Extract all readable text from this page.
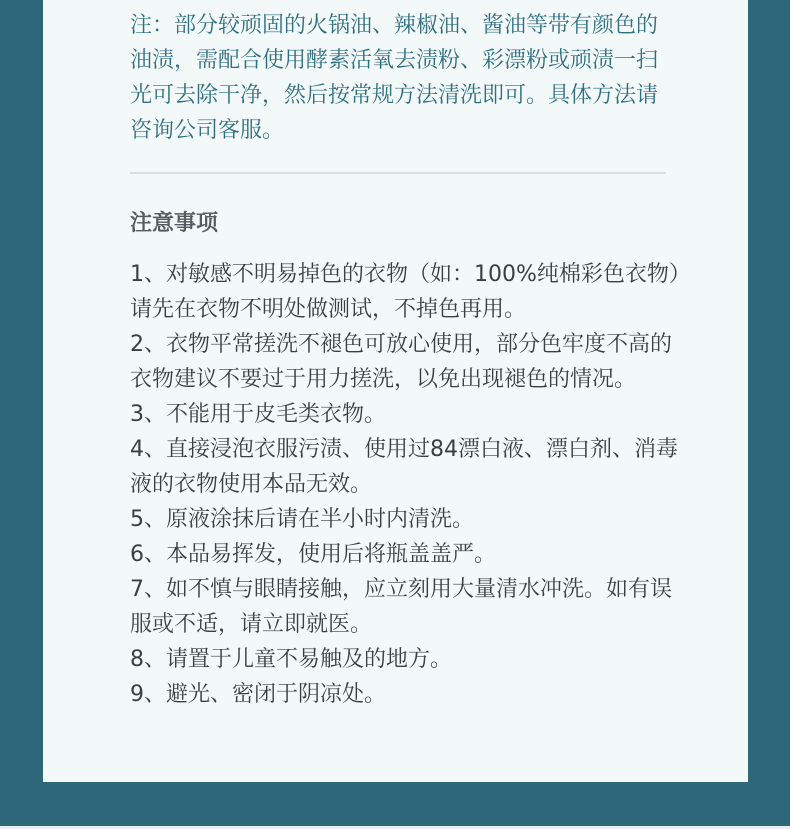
注：部分较顽固的火锅油、辣椒油、酱油等带有颜色的油渍，需配合使用酵素活氧去渍粉、彩漂粉或顽渍一扫光可去除干净，然后按常规方法清洗即可。具体方法请咨询公司客服。

注意事项
1、对敏感不明易掉色的衣物（如：100%纯棉彩色衣物）请先在衣物不明处做测试，不掉色再用。
2、衣物平常搓洗不褪色可放心使用，部分色牢度不高的衣物建议不要过于用力搓洗，以免出现褪色的情况。
3、不能用于皮毛类衣物。
4、直接浸泡衣服污渍、使用过84漂白液、漂白剂、消毒液的衣物使用本品无效。
5、原液涂抹后请在半小时内清洗。
6、本品易挥发，使用后将瓶盖盖严。
7、如不慎与眼睛接触，应立刻用大量清水冲洗。如有误服或不适，请立即就医。
8、请置于儿童不易触及的地方。
9、避光、密闭于阴凉处。
